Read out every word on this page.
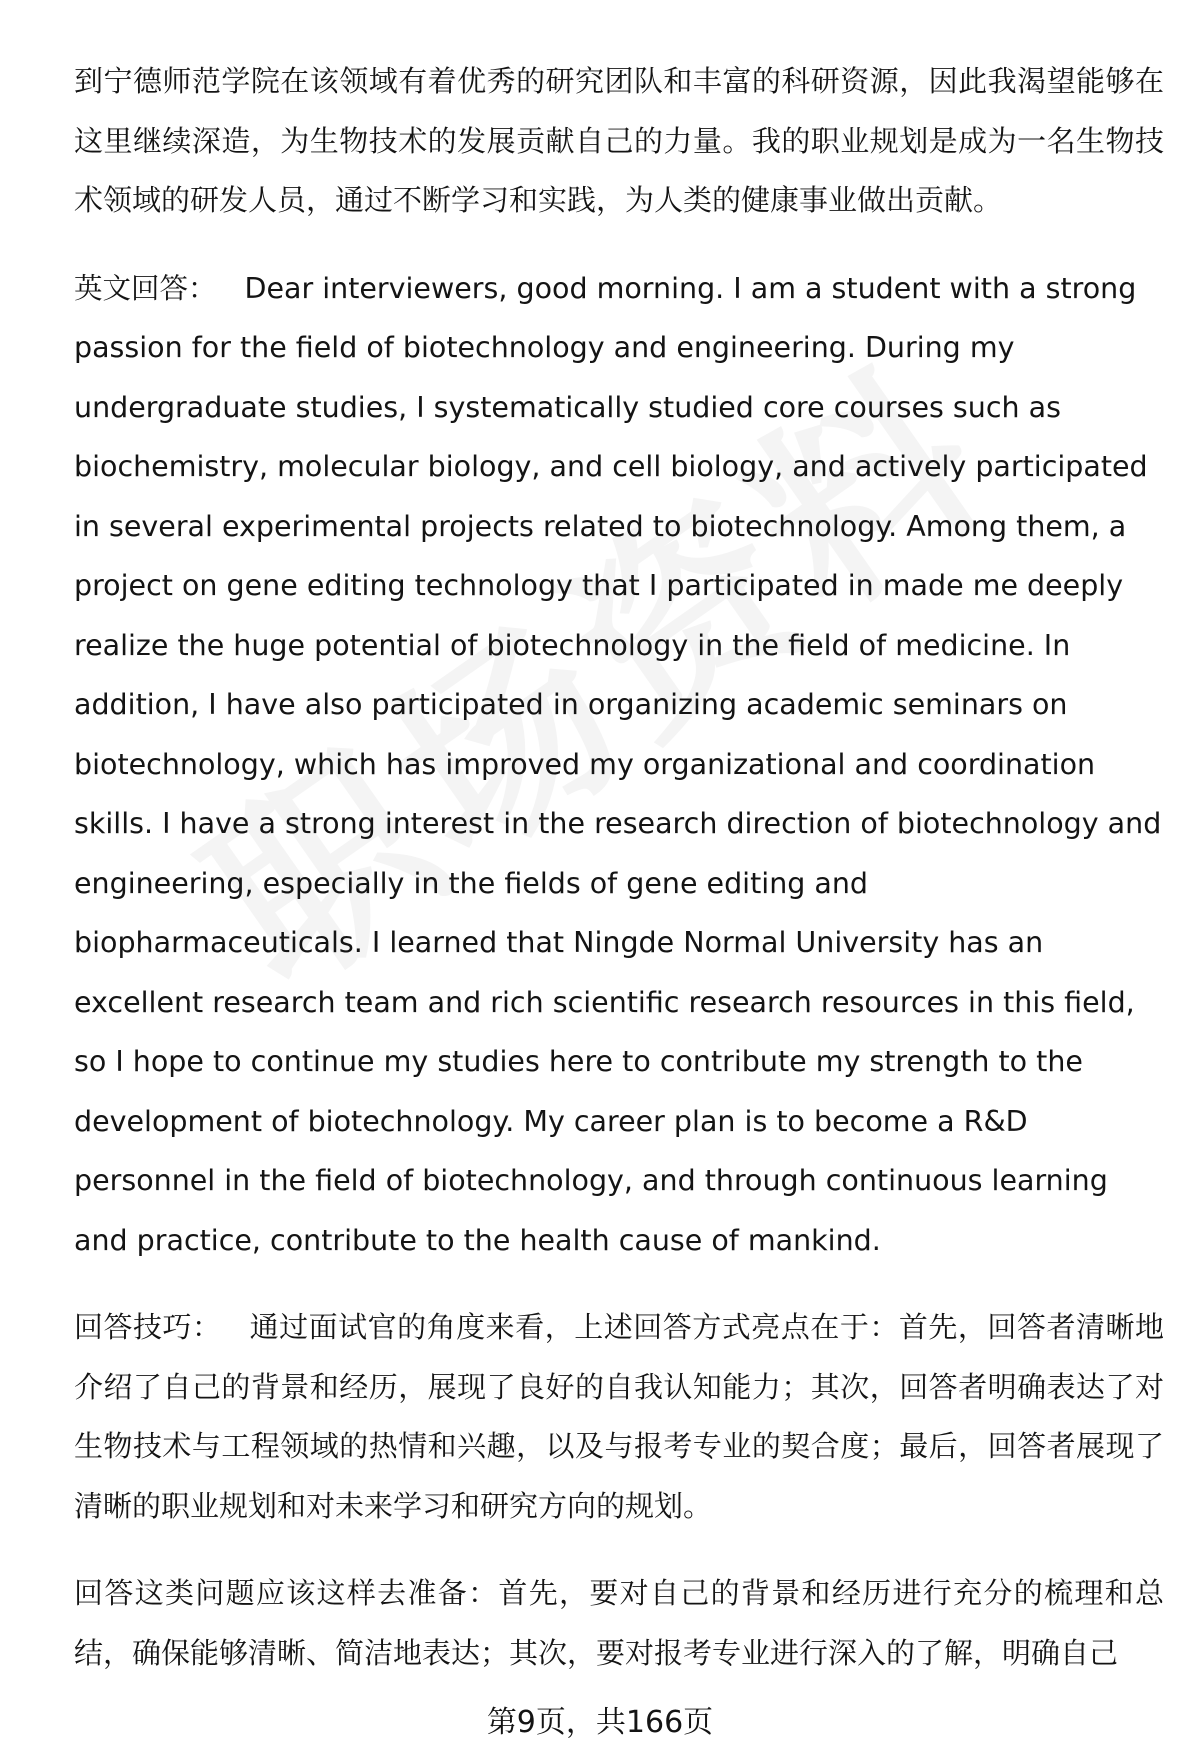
到宁德师范学院在该领域有着优秀的研究团队和丰富的科研资源，因此我渴望能够在这里继续深造，为生物技术的发展贡献自己的力量。我的职业规划是成为一名生物技术领域的研发人员，通过不断学习和实践，为人类的健康事业做出贡献。

英文回答： Dear interviewers, good morning. I am a student with a strong passion for the field of biotechnology and engineering. During my undergraduate studies, I systematically studied core courses such as biochemistry, molecular biology, and cell biology, and actively participated in several experimental projects related to biotechnology. Among them, a project on gene editing technology that I participated in made me deeply realize the huge potential of biotechnology in the field of medicine. In addition, I have also participated in organizing academic seminars on biotechnology, which has improved my organizational and coordination skills. I have a strong interest in the research direction of biotechnology and engineering, especially in the fields of gene editing and biopharmaceuticals. I learned that Ningde Normal University has an excellent research team and rich scientific research resources in this field, so I hope to continue my studies here to contribute my strength to the development of biotechnology. My career plan is to become a R&D personnel in the field of biotechnology, and through continuous learning and practice, contribute to the health cause of mankind.

回答技巧： 通过面试官的角度来看，上述回答方式亮点在于：首先，回答者清晰地介绍了自己的背景和经历，展现了良好的自我认知能力；其次，回答者明确表达了对生物技术与工程领域的热情和兴趣，以及与报考专业的契合度；最后，回答者展现了清晰的职业规划和对未来学习和研究方向的规划。

回答这类问题应该这样去准备：首先，要对自己的背景和经历进行充分的梳理和总结，确保能够清晰、简洁地表达；其次，要对报考专业进行深入的了解，明确自己

第9页，共166页
